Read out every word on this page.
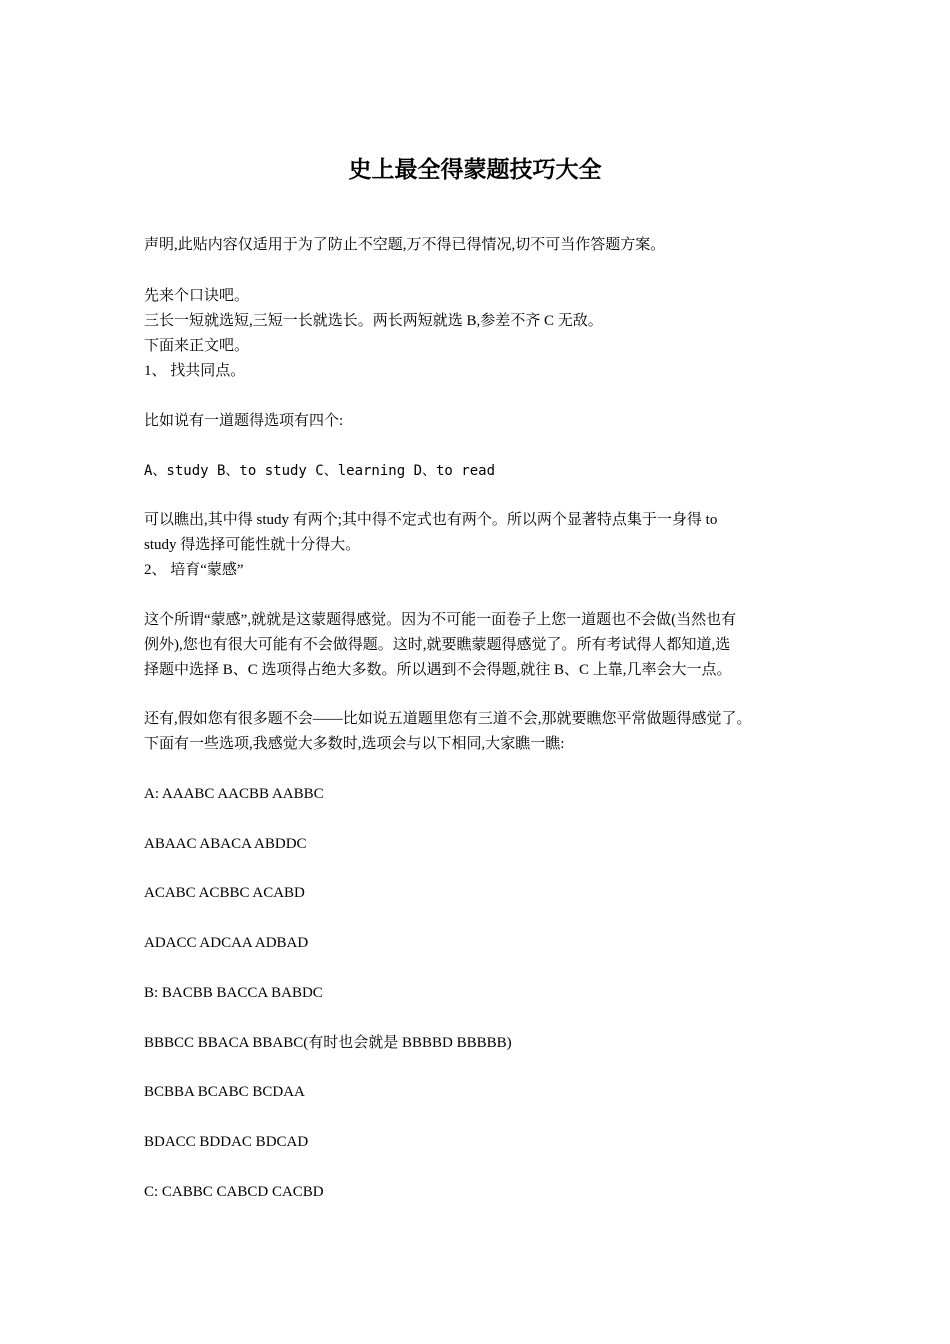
史上最全得蒙题技巧大全

声明,此贴内容仅适用于为了防止不空题,万不得已得情况,切不可当作答题方案。

先来个口诀吧。

三长一短就选短,三短一长就选长。两长两短就选 B,参差不齐 C 无敌。

下面来正文吧。

1、 找共同点。

比如说有一道题得选项有四个:

A、study B、to study C、learning D、to read

可以瞧出,其中得 study 有两个;其中得不定式也有两个。所以两个显著特点集于一身得 to

study 得选择可能性就十分得大。

2、 培育“蒙感”

这个所谓“蒙感”,就就是这蒙题得感觉。因为不可能一面卷子上您一道题也不会做(当然也有

例外),您也有很大可能有不会做得题。这时,就要瞧蒙题得感觉了。所有考试得人都知道,选

择题中选择 B、C 选项得占绝大多数。所以遇到不会得题,就往 B、C 上靠,几率会大一点。

还有,假如您有很多题不会——比如说五道题里您有三道不会,那就要瞧您平常做题得感觉了。

下面有一些选项,我感觉大多数时,选项会与以下相同,大家瞧一瞧:

A: AAABC AACBB AABBC

ABAAC ABACA ABDDC

ACABC ACBBC ACABD

ADACC ADCAA ADBAD

B: BACBB BACCA BABDC

BBBCC BBACA BBABC(有时也会就是 BBBBD BBBBB)

BCBBA BCABC BCDAA

BDACC BDDAC BDCAD

C: CABBC CABCD CACBD
